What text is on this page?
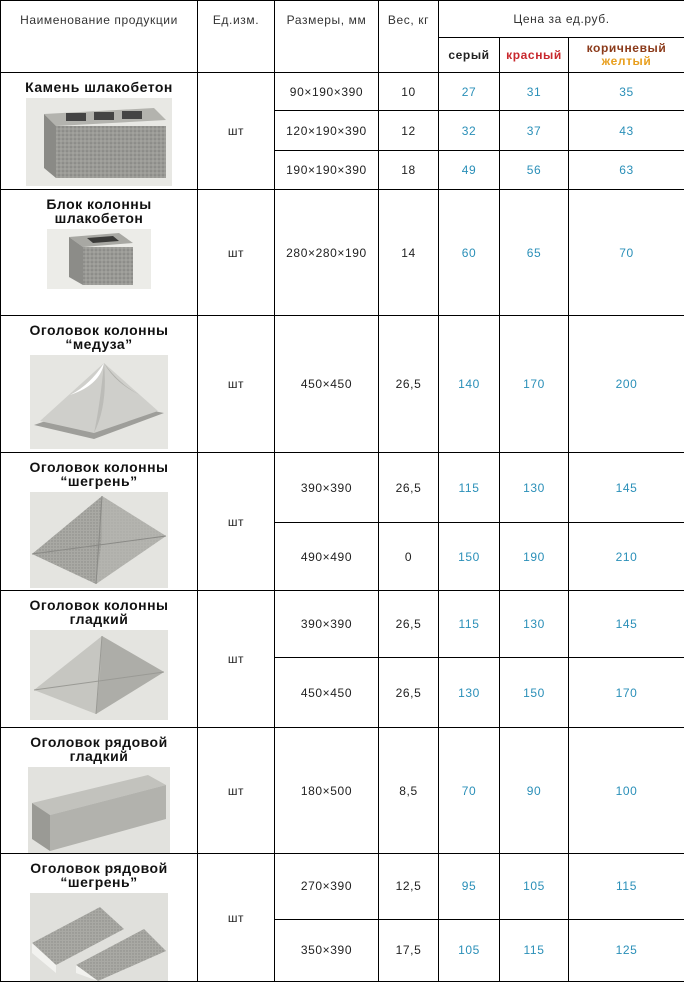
Наименование продукции	Ед.изм.	Размеры, мм	Вес, кг	Цена за ед.руб.		
				серый	красный	коричневый
желтый

Камень шлакобетон	шт	90×190×390	10	27	31	35
		120×190×390	12	32	37	43
		190×190×390	18	49	56	63

Блок колонны шлакобетон	шт	280×280×190	14	60	65	70

Оголовок колонны
“медуза”	шт	450×450	26,5	140	170	200

Оголовок колонны
“шегрень”	шт	390×390	26,5	115	130	145
		490×490	0	150	190	210

Оголовок колонны
гладкий	шт	390×390	26,5	115	130	145
		450×450	26,5	130	150	170

Оголовок рядовой
гладкий	шт	180×500	8,5	70	90	100

Оголовок рядовой
“шегрень”	шт	270×390	12,5	95	105	115
		350×390	17,5	105	115	125
